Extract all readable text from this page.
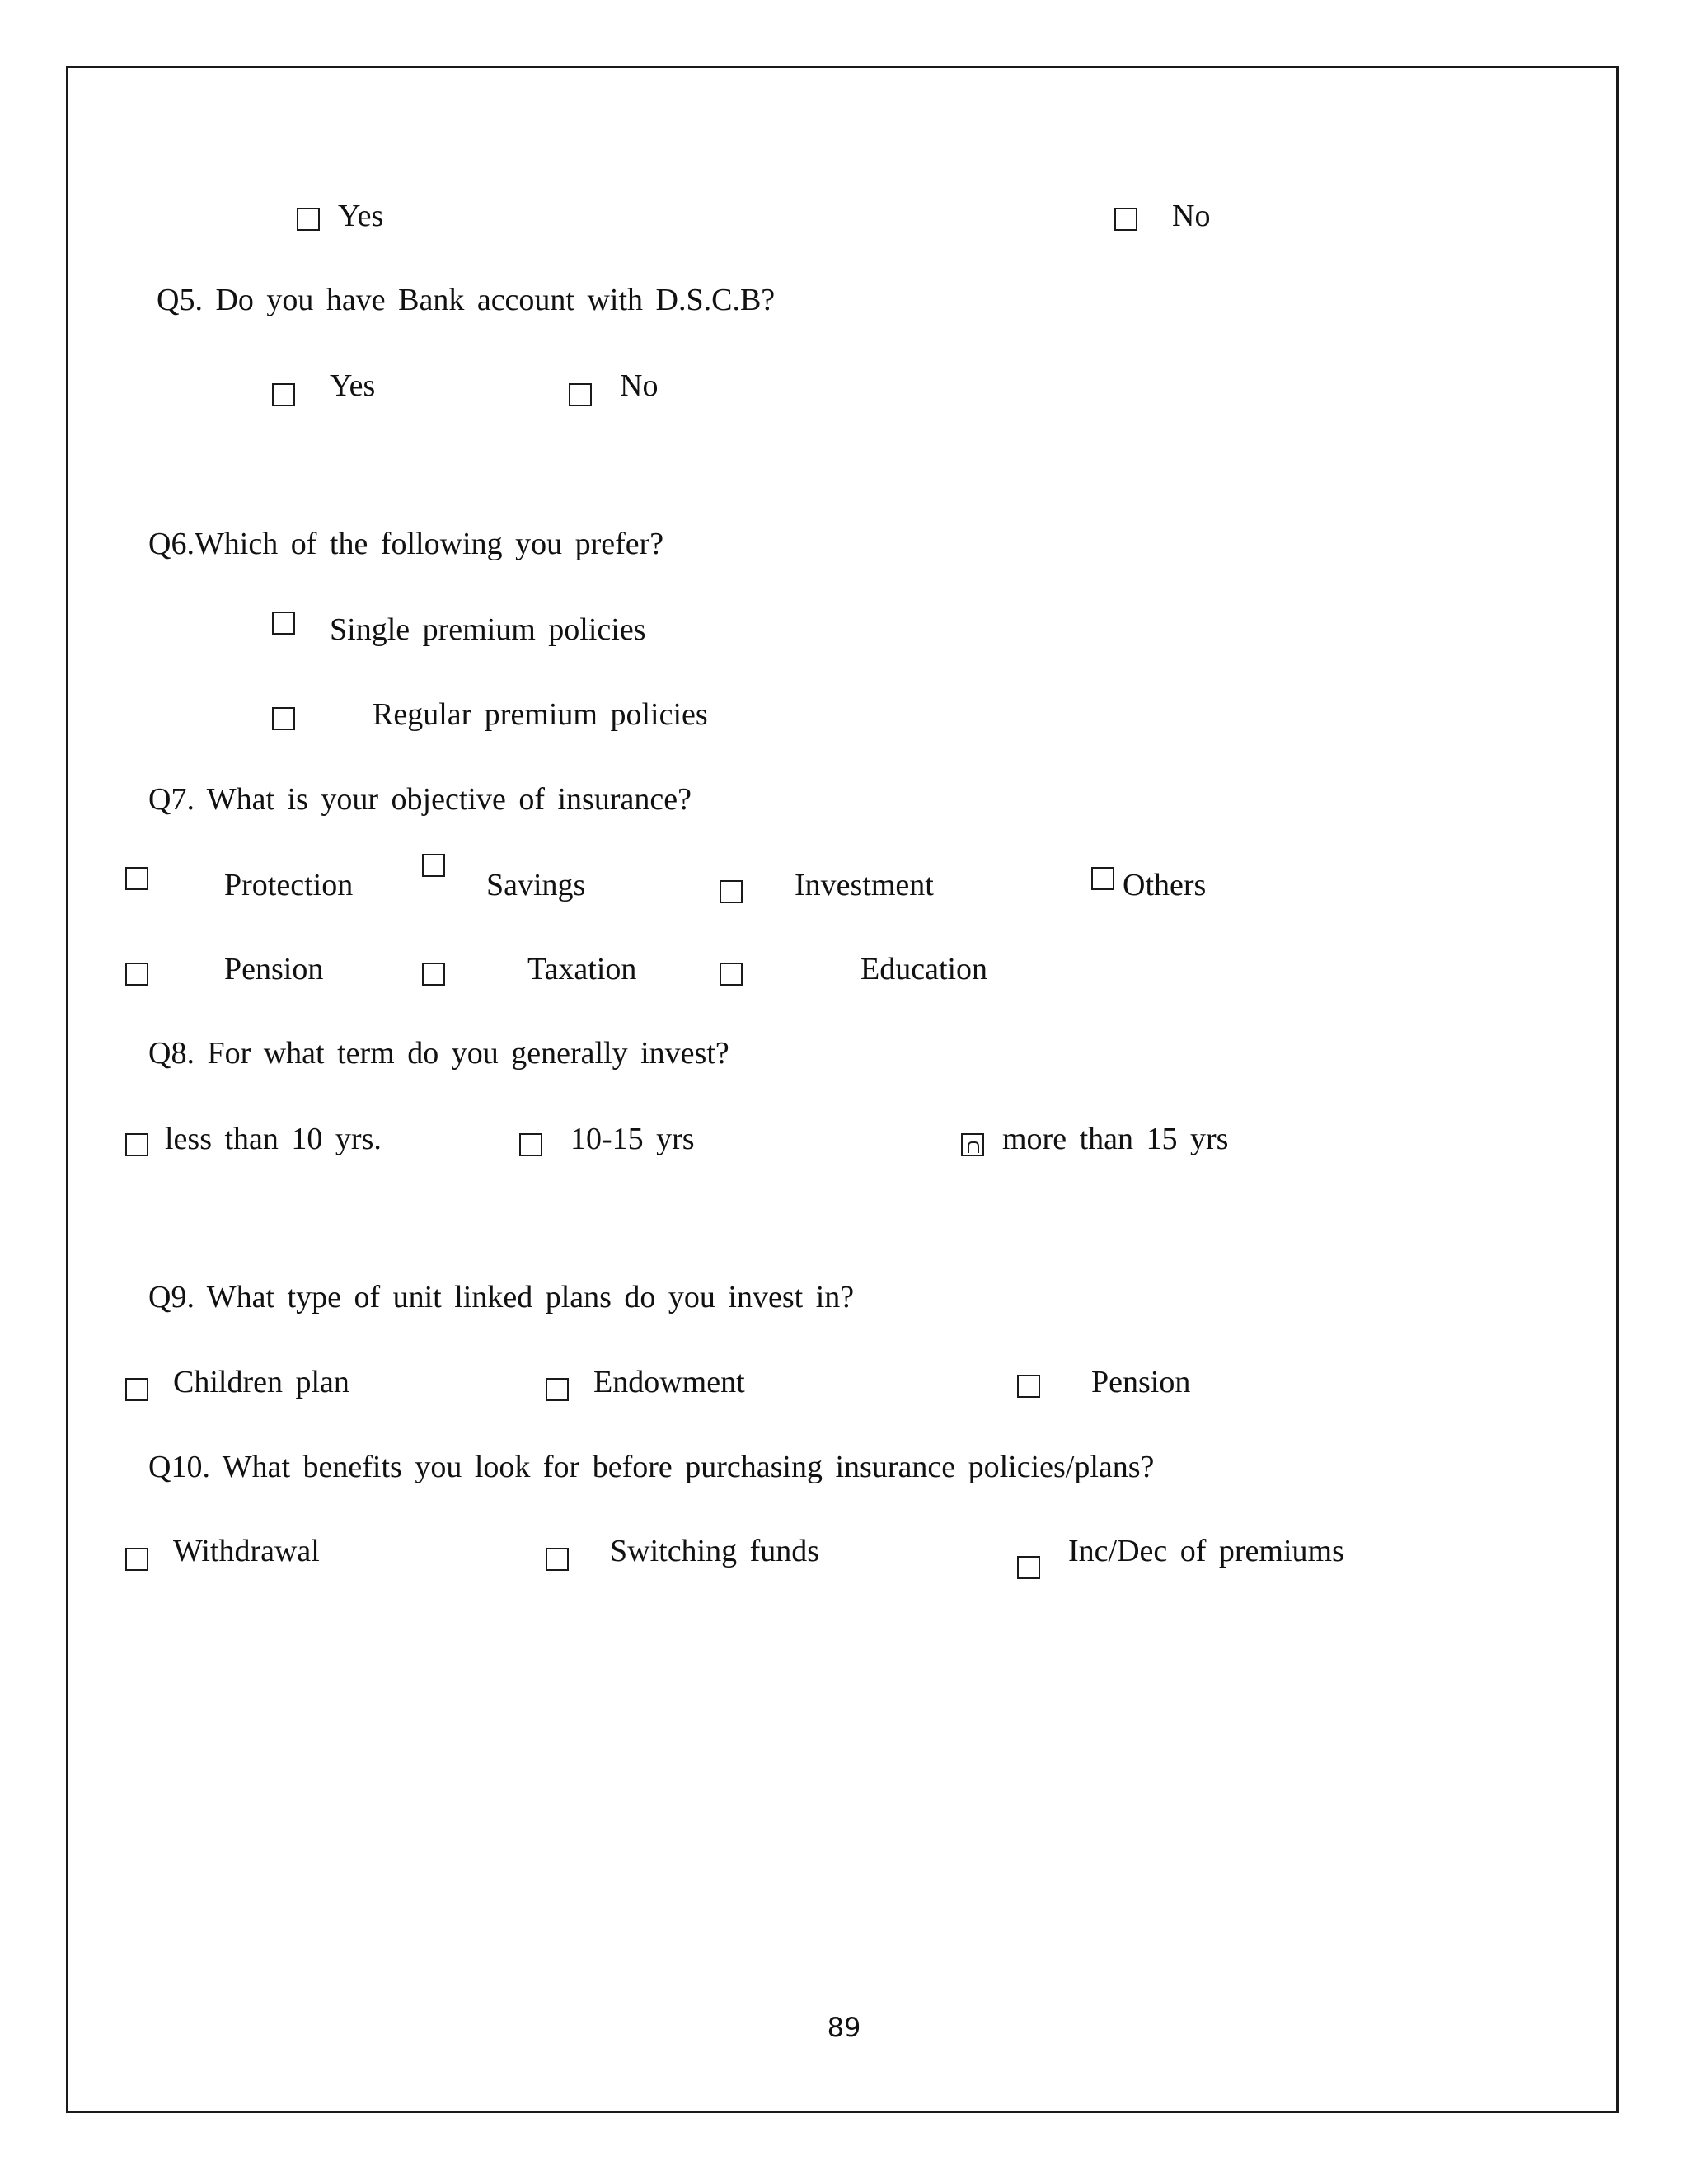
Yes	No
Q5. Do you have Bank account with D.S.C.B?
Yes	No
Q6.Which of the following you prefer?
Single premium policies
Regular premium policies
Q7. What is your objective of insurance?
Protection	Savings	Investment	Others
Pension	Taxation	Education
Q8. For what term do you generally invest?
less than 10 yrs.	10-15 yrs	more than 15 yrs
Q9. What type of unit linked plans do you invest in?
Children plan	Endowment	Pension
Q10. What benefits you look for before purchasing insurance policies/plans?
Withdrawal	Switching funds	Inc/Dec of premiums
89
